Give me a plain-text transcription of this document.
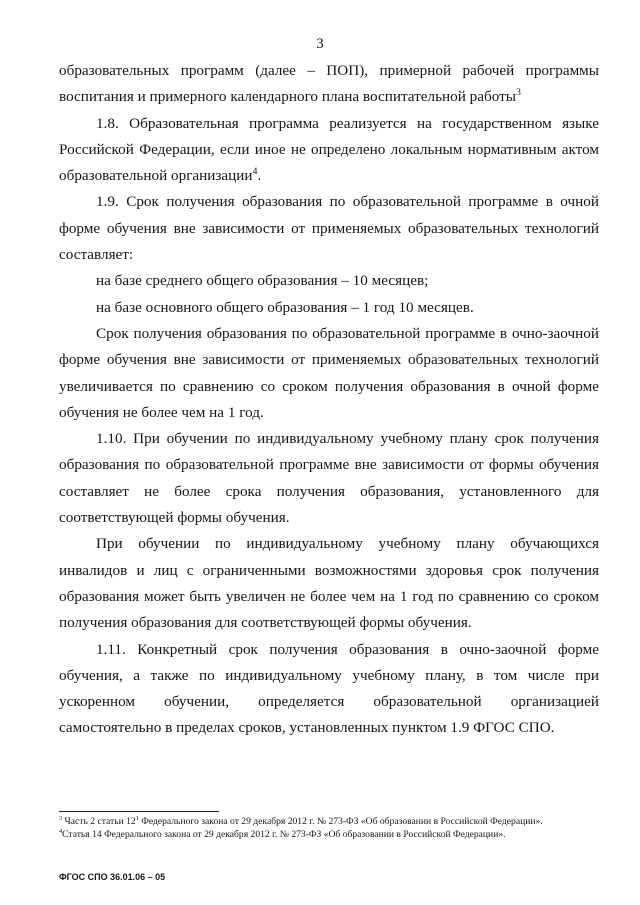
3

образовательных программ (далее – ПОП), примерной рабочей программы воспитания и примерного календарного плана воспитательной работы$^3$

1.8. Образовательная программа реализуется на государственном языке Российской Федерации, если иное не определено локальным нормативным актом образовательной организации$^4$.

1.9. Срок получения образования по образовательной программе в очной форме обучения вне зависимости от применяемых образовательных технологий составляет:

на базе среднего общего образования – 10 месяцев;

на базе основного общего образования – 1 год 10 месяцев.

Срок получения образования по образовательной программе в очно-заочной форме обучения вне зависимости от применяемых образовательных технологий увеличивается по сравнению со сроком получения образования в очной форме обучения не более чем на 1 год.

1.10. При обучении по индивидуальному учебному плану срок получения образования по образовательной программе вне зависимости от формы обучения составляет не более срока получения образования, установленного для соответствующей формы обучения.

При обучении по индивидуальному учебному плану обучающихся инвалидов и лиц с ограниченными возможностями здоровья срок получения образования может быть увеличен не более чем на 1 год по сравнению со сроком получения образования для соответствующей формы обучения.

1.11. Конкретный срок получения образования в очно-заочной форме обучения, а также по индивидуальному учебному плану, в том числе при ускоренном обучении, определяется образовательной организацией самостоятельно в пределах сроков, установленных пунктом 1.9 ФГОС СПО.

$^3$ Часть 2 статьи $12^1$ Федерального закона от 29 декабря 2012 г. № 273-ФЗ «Об образовании в Российской Федерации».

$^4$Статья 14 Федерального закона от 29 декабря 2012 г. № 273-ФЗ «Об образовании в Российской Федерации».

ФГОС СПО 36.01.06 – 05
